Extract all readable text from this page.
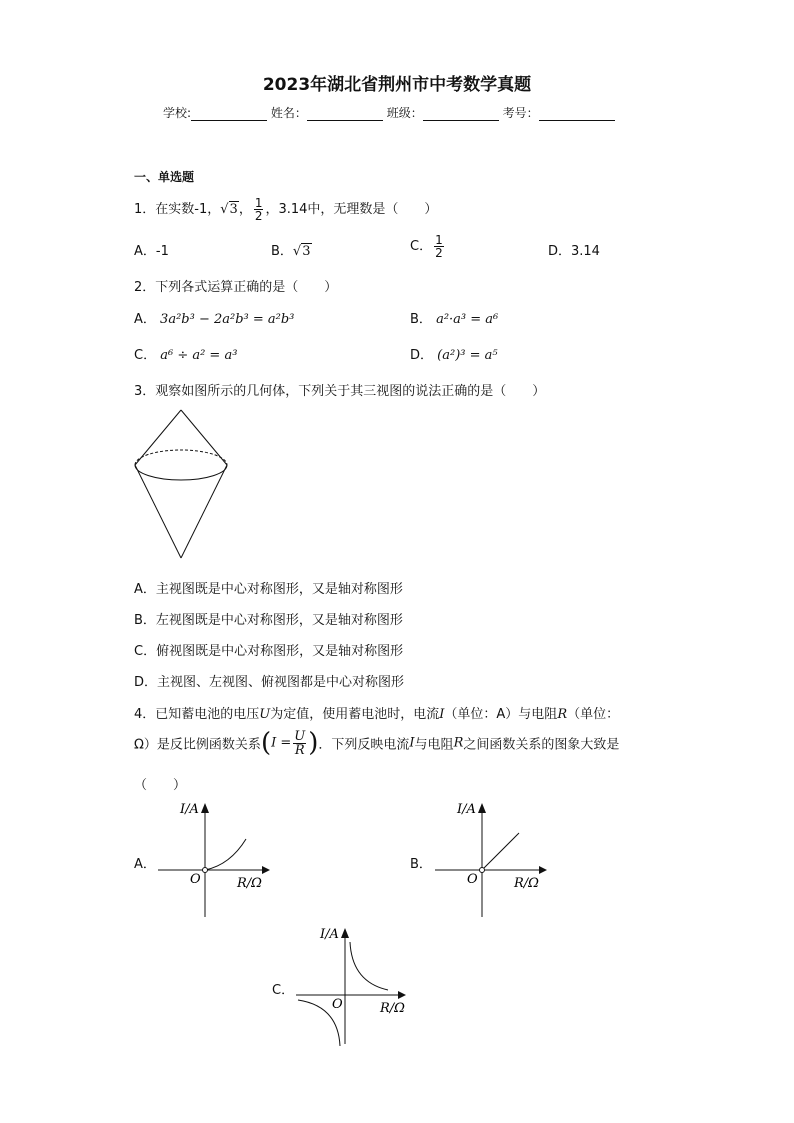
2023年湖北省荆州市中考数学真题
学校:	姓名：	班级：	考号：
一、单选题
1．在实数-1，√3， $\frac{1}{2}$ ，3.14中，无理数是（　　）
A．-1	B．√3	C． $\frac{1}{2}$	D．3.14
2．下列各式运算正确的是（　　）
A． 3a²b³ − 2a²b³ = a²b³	B． a²·a³ = a⁶
C． a⁶ ÷ a² = a³	D． (a²)³ = a⁵
3．观察如图所示的几何体，下列关于其三视图的说法正确的是（　　）
A．主视图既是中心对称图形，又是轴对称图形
B．左视图既是中心对称图形，又是轴对称图形
C．俯视图既是中心对称图形，又是轴对称图形
D．主视图、左视图、俯视图都是中心对称图形
4．已知蓄电池的电压U为定值，使用蓄电池时，电流I（单位：A）与电阻R（单位：
Ω）是反比例函数关系($I = \frac{U}{R}$ )．下列反映电流I与电阻R之间函数关系的图象大致是
（　　）
A．
I/A
O	R/Ω
B．
I/A
O	R/Ω
C．
I/A
O	R/Ω
